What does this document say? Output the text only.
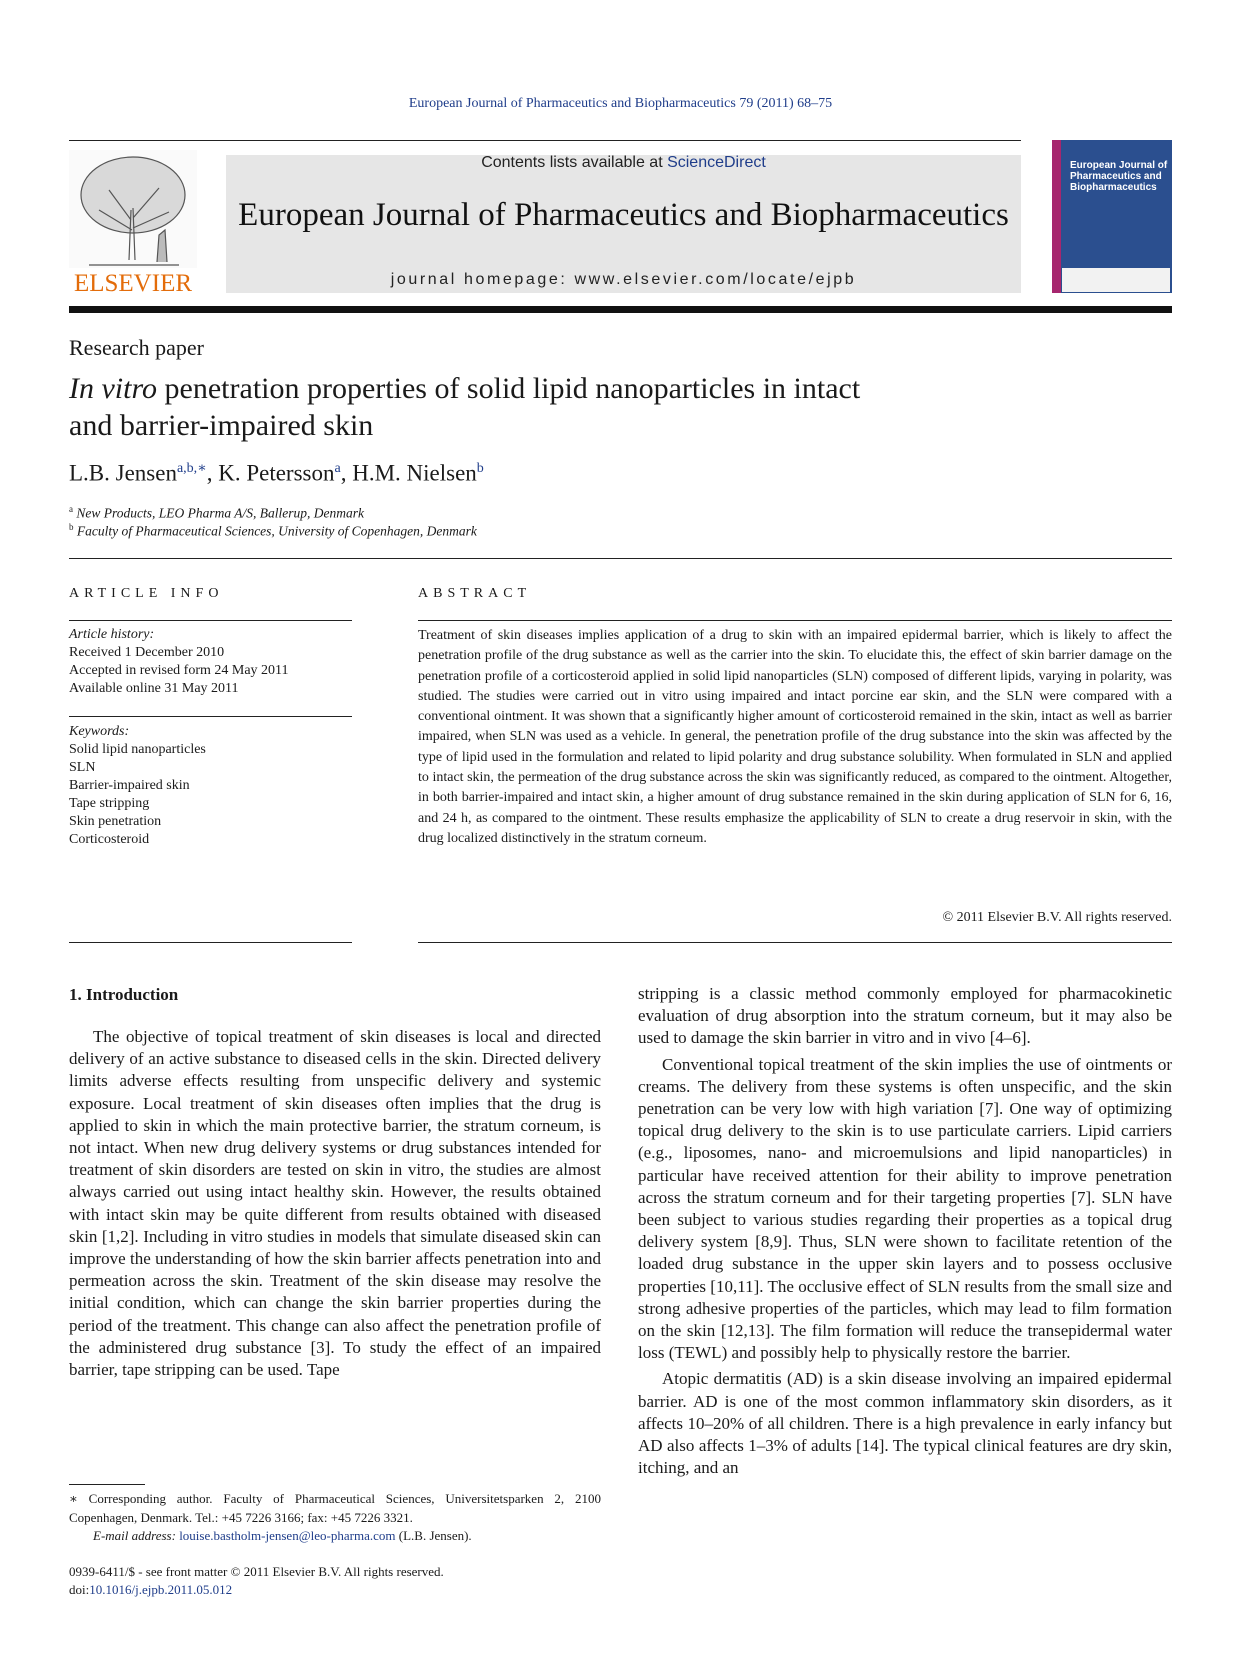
European Journal of Pharmaceutics and Biopharmaceutics 79 (2011) 68–75
ELSEVIER
Contents lists available at ScienceDirect
European Journal of Pharmaceutics and Biopharmaceutics
journal homepage: www.elsevier.com/locate/ejpb
European Journal of Pharmaceutics and Biopharmaceutics
Research paper
In vitro penetration properties of solid lipid nanoparticles in intact
and barrier-impaired skin
L.B. Jensen$^{a,b,∗}$, K. Petersson$^a$, H.M. Nielsen$^b$
$^a$ New Products, LEO Pharma A/S, Ballerup, Denmark
$^b$ Faculty of Pharmaceutical Sciences, University of Copenhagen, Denmark
ARTICLE INFO	ABSTRACT
Article history:
Received 1 December 2010
Accepted in revised form 24 May 2011
Available online 31 May 2011
Keywords:
Solid lipid nanoparticles
SLN
Barrier-impaired skin
Tape stripping
Skin penetration
Corticosteroid

Treatment of skin diseases implies application of a drug to skin with an impaired epidermal barrier, which is likely to affect the penetration profile of the drug substance as well as the carrier into the skin. To elucidate this, the effect of skin barrier damage on the penetration profile of a corticosteroid applied in solid lipid nanoparticles (SLN) composed of different lipids, varying in polarity, was studied. The studies were carried out in vitro using impaired and intact porcine ear skin, and the SLN were compared with a conventional ointment. It was shown that a significantly higher amount of corticosteroid remained in the skin, intact as well as barrier impaired, when SLN was used as a vehicle. In general, the penetration profile of the drug substance into the skin was affected by the type of lipid used in the formulation and related to lipid polarity and drug substance solubility. When formulated in SLN and applied to intact skin, the permeation of the drug substance across the skin was significantly reduced, as compared to the ointment. Altogether, in both barrier-impaired and intact skin, a higher amount of drug substance remained in the skin during application of SLN for 6, 16, and 24 h, as compared to the ointment. These results emphasize the applicability of SLN to create a drug reservoir in skin, with the drug localized distinctively in the stratum corneum.

© 2011 Elsevier B.V. All rights reserved.
1. Introduction

The objective of topical treatment of skin diseases is local and directed delivery of an active substance to diseased cells in the skin. Directed delivery limits adverse effects resulting from unspecific delivery and systemic exposure. Local treatment of skin diseases often implies that the drug is applied to skin in which the main protective barrier, the stratum corneum, is not intact. When new drug delivery systems or drug substances intended for treatment of skin disorders are tested on skin in vitro, the studies are almost always carried out using intact healthy skin. However, the results obtained with intact skin may be quite different from results obtained with diseased skin [1,2]. Including in vitro studies in models that simulate diseased skin can improve the understanding of how the skin barrier affects penetration into and permeation across the skin. Treatment of the skin disease may resolve the initial condition, which can change the skin barrier properties during the period of the treatment. This change can also affect the penetration profile of the administered drug substance [3]. To study the effect of an impaired barrier, tape stripping can be used. Tape

stripping is a classic method commonly employed for pharmacokinetic evaluation of drug absorption into the stratum corneum, but it may also be used to damage the skin barrier in vitro and in vivo [4–6].

Conventional topical treatment of the skin implies the use of ointments or creams. The delivery from these systems is often unspecific, and the skin penetration can be very low with high variation [7]. One way of optimizing topical drug delivery to the skin is to use particulate carriers. Lipid carriers (e.g., liposomes, nano- and microemulsions and lipid nanoparticles) in particular have received attention for their ability to improve penetration across the stratum corneum and for their targeting properties [7]. SLN have been subject to various studies regarding their properties as a topical drug delivery system [8,9]. Thus, SLN were shown to facilitate retention of the loaded drug substance in the upper skin layers and to possess occlusive properties [10,11]. The occlusive effect of SLN results from the small size and strong adhesive properties of the particles, which may lead to film formation on the skin [12,13]. The film formation will reduce the transepidermal water loss (TEWL) and possibly help to physically restore the barrier.

Atopic dermatitis (AD) is a skin disease involving an impaired epidermal barrier. AD is one of the most common inflammatory skin disorders, as it affects 10–20% of all children. There is a high prevalence in early infancy but AD also affects 1–3% of adults [14]. The typical clinical features are dry skin, itching, and an

∗ Corresponding author. Faculty of Pharmaceutical Sciences, Universitetsparken 2, 2100 Copenhagen, Denmark. Tel.: +45 7226 3166; fax: +45 7226 3321.
E-mail address: louise.bastholm-jensen@leo-pharma.com (L.B. Jensen).
0939-6411/$ - see front matter © 2011 Elsevier B.V. All rights reserved.
doi:10.1016/j.ejpb.2011.05.012
